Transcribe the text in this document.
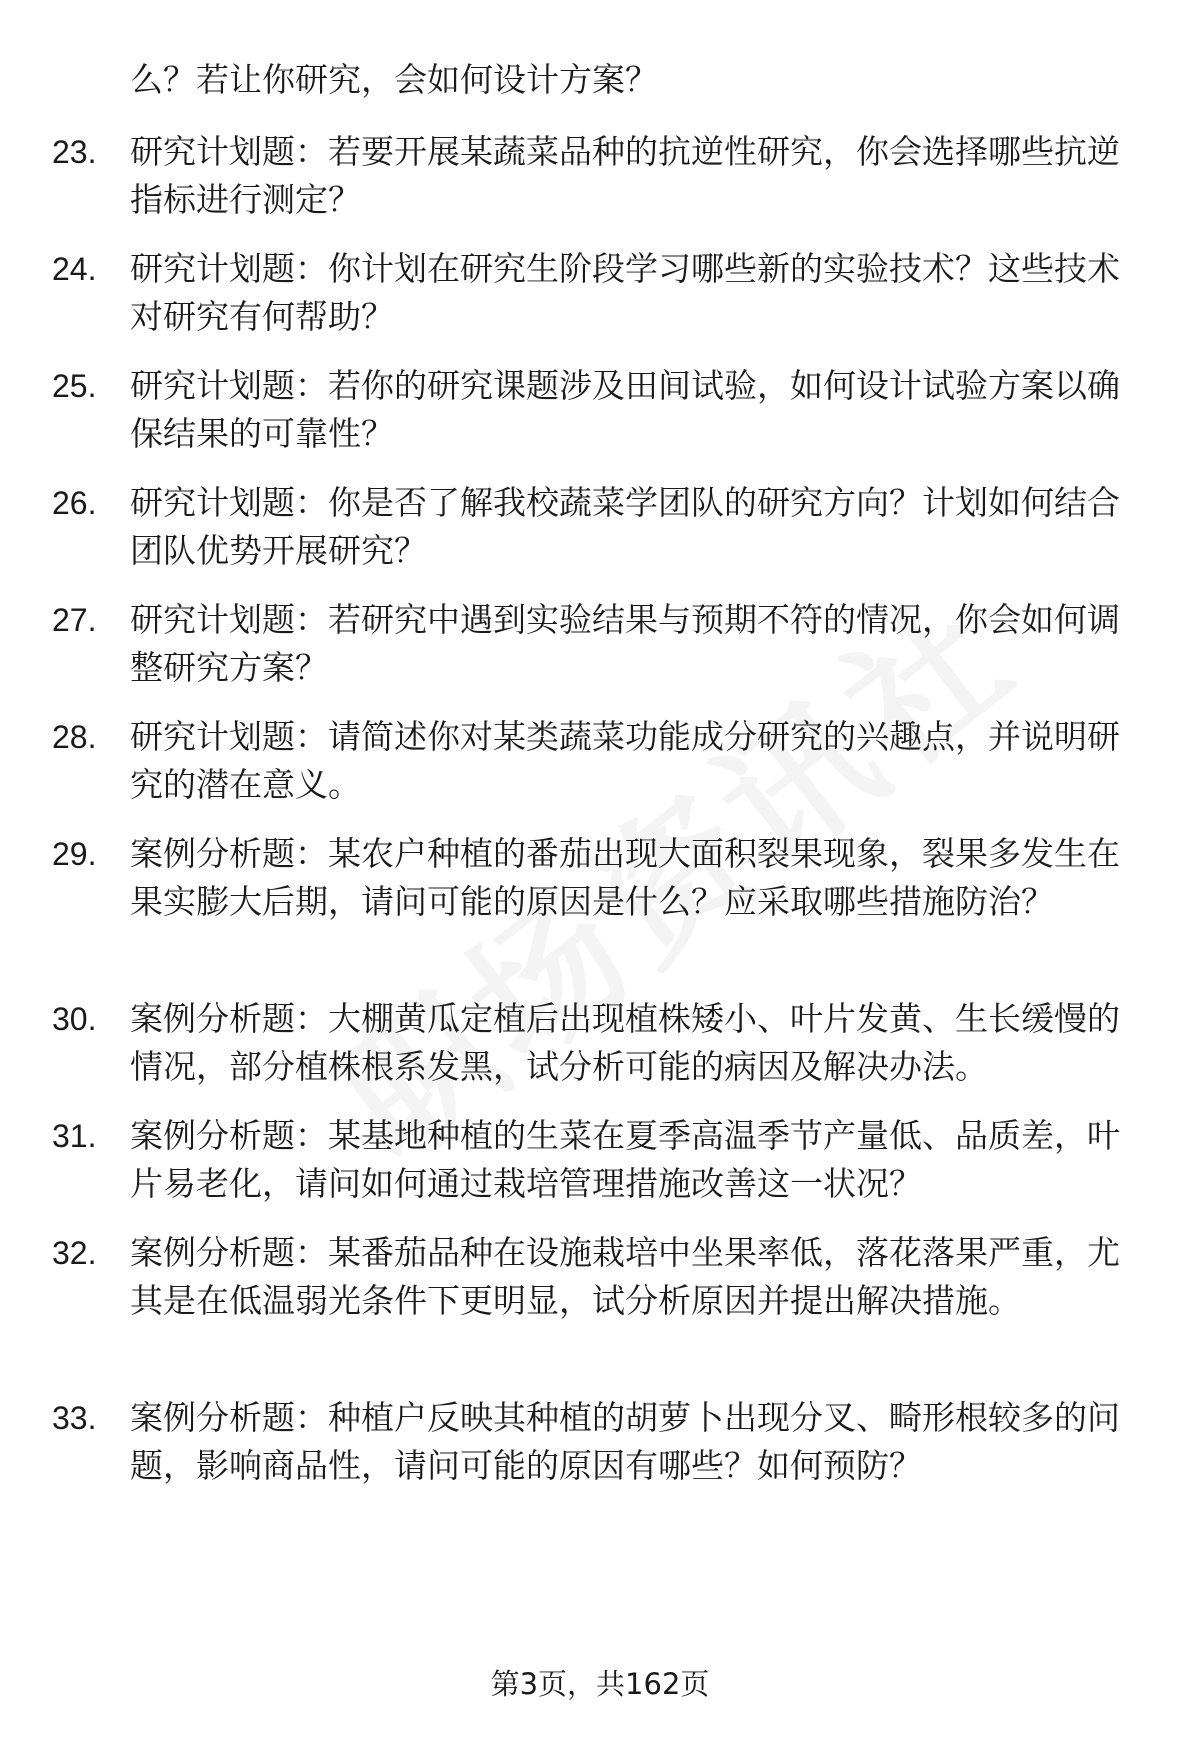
么？若让你研究，会如何设计方案？
23.	研究计划题：若要开展某蔬菜品种的抗逆性研究，你会选择哪些抗逆指标进行测定？
24.	研究计划题：你计划在研究生阶段学习哪些新的实验技术？这些技术对研究有何帮助？
25.	研究计划题：若你的研究课题涉及田间试验，如何设计试验方案以确保结果的可靠性？
26.	研究计划题：你是否了解我校蔬菜学团队的研究方向？计划如何结合团队优势开展研究？
27.	研究计划题：若研究中遇到实验结果与预期不符的情况，你会如何调整研究方案？
28.	研究计划题：请简述你对某类蔬菜功能成分研究的兴趣点，并说明研究的潜在意义。
29.	案例分析题：某农户种植的番茄出现大面积裂果现象，裂果多发生在果实膨大后期，请问可能的原因是什么？应采取哪些措施防治？
30.	案例分析题：大棚黄瓜定植后出现植株矮小、叶片发黄、生长缓慢的情况，部分植株根系发黑，试分析可能的病因及解决办法。
31.	案例分析题：某基地种植的生菜在夏季高温季节产量低、品质差，叶片易老化，请问如何通过栽培管理措施改善这一状况？
32.	案例分析题：某番茄品种在设施栽培中坐果率低，落花落果严重，尤其是在低温弱光条件下更明显，试分析原因并提出解决措施。
33.	案例分析题：种植户反映其种植的胡萝卜出现分叉、畸形根较多的问题，影响商品性，请问可能的原因有哪些？如何预防？
第3页，共162页
